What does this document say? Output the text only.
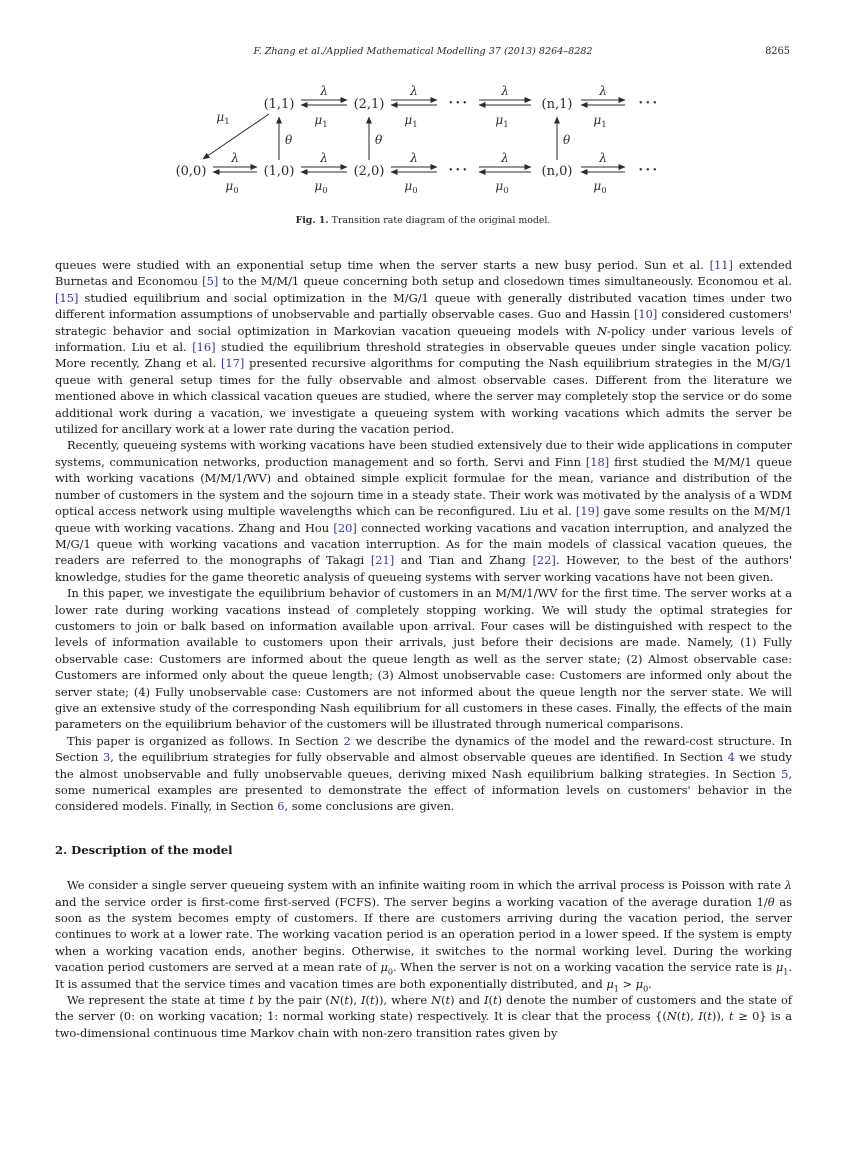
F. Zhang et al./Applied Mathematical Modelling 37 (2013) 8264–8282	8265
(1,1)	(2,1)	···	(n,1)	···
(0,0)	(1,0)	(2,0)	···	(n,0)	···
λ	λ	λ	λ
$\mu_1$	$\mu_1$	$\mu_1$	$\mu_1$
λ	λ	λ	λ	λ
$\mu_0$	$\mu_0$	$\mu_0$	$\mu_0$	$\mu_0$
θ	θ	θ
$\mu_1$
Fig. 1. Transition rate diagram of the original model.

queues were studied with an exponential setup time when the server starts a new busy period. Sun et al. [11] extended Burnetas and Economou [5] to the M/M/1 queue concerning both setup and closedown times simultaneously. Economou et al. [15] studied equilibrium and social optimization in the M/G/1 queue with generally distributed vacation times under two different information assumptions of unobservable and partially observable cases. Guo and Hassin [10] considered customers' strategic behavior and social optimization in Markovian vacation queueing models with N-policy under various levels of information. Liu et al. [16] studied the equilibrium threshold strategies in observable queues under single vacation policy. More recently, Zhang et al. [17] presented recursive algorithms for computing the Nash equilibrium strategies in the M/G/1 queue with general setup times for the fully observable and almost observable cases. Different from the literature we mentioned above in which classical vacation queues are studied, where the server may completely stop the service or do some additional work during a vacation, we investigate a queueing system with working vacations which admits the server be utilized for ancillary work at a lower rate during the vacation period.

Recently, queueing systems with working vacations have been studied extensively due to their wide applications in computer systems, communication networks, production management and so forth. Servi and Finn [18] first studied the M/M/1 queue with working vacations (M/M/1/WV) and obtained simple explicit formulae for the mean, variance and distribution of the number of customers in the system and the sojourn time in a steady state. Their work was motivated by the analysis of a WDM optical access network using multiple wavelengths which can be reconfigured. Liu et al. [19] gave some results on the M/M/1 queue with working vacations. Zhang and Hou [20] connected working vacations and vacation interruption, and analyzed the M/G/1 queue with working vacations and vacation interruption. As for the main models of classical vacation queues, the readers are referred to the monographs of Takagi [21] and Tian and Zhang [22]. However, to the best of the authors' knowledge, studies for the game theoretic analysis of queueing systems with server working vacations have not been given.

In this paper, we investigate the equilibrium behavior of customers in an M/M/1/WV for the first time. The server works at a lower rate during working vacations instead of completely stopping working. We will study the optimal strategies for customers to join or balk based on information available upon arrival. Four cases will be distinguished with respect to the levels of information available to customers upon their arrivals, just before their decisions are made. Namely, (1) Fully observable case: Customers are informed about the queue length as well as the server state; (2) Almost observable case: Customers are informed only about the queue length; (3) Almost unobservable case: Customers are informed only about the server state; (4) Fully unobservable case: Customers are not informed about the queue length nor the server state. We will give an extensive study of the corresponding Nash equilibrium for all customers in these cases. Finally, the effects of the main parameters on the equilibrium behavior of the customers will be illustrated through numerical comparisons.

This paper is organized as follows. In Section 2 we describe the dynamics of the model and the reward-cost structure. In Section 3, the equilibrium strategies for fully observable and almost observable queues are identified. In Section 4 we study the almost unobservable and fully unobservable queues, deriving mixed Nash equilibrium balking strategies. In Section 5, some numerical examples are presented to demonstrate the effect of information levels on customers' behavior in the considered models. Finally, in Section 6, some conclusions are given.

2. Description of the model

We consider a single server queueing system with an infinite waiting room in which the arrival process is Poisson with rate λ and the service order is first-come first-served (FCFS). The server begins a working vacation of the average duration 1/θ as soon as the system becomes empty of customers. If there are customers arriving during the vacation period, the server continues to work at a lower rate. The working vacation period is an operation period in a lower speed. If the system is empty when a working vacation ends, another begins. Otherwise, it switches to the normal working level. During the working vacation period customers are served at a mean rate of $\mu_0$. When the server is not on a working vacation the service rate is $\mu_1$. It is assumed that the service times and vacation times are both exponentially distributed, and $\mu_1 > \mu_0$.

We represent the state at time t by the pair (N(t), I(t)), where N(t) and I(t) denote the number of customers and the state of the server (0: on working vacation; 1: normal working state) respectively. It is clear that the process {(N(t), I(t)), t ≥ 0} is a two-dimensional continuous time Markov chain with non-zero transition rates given by
